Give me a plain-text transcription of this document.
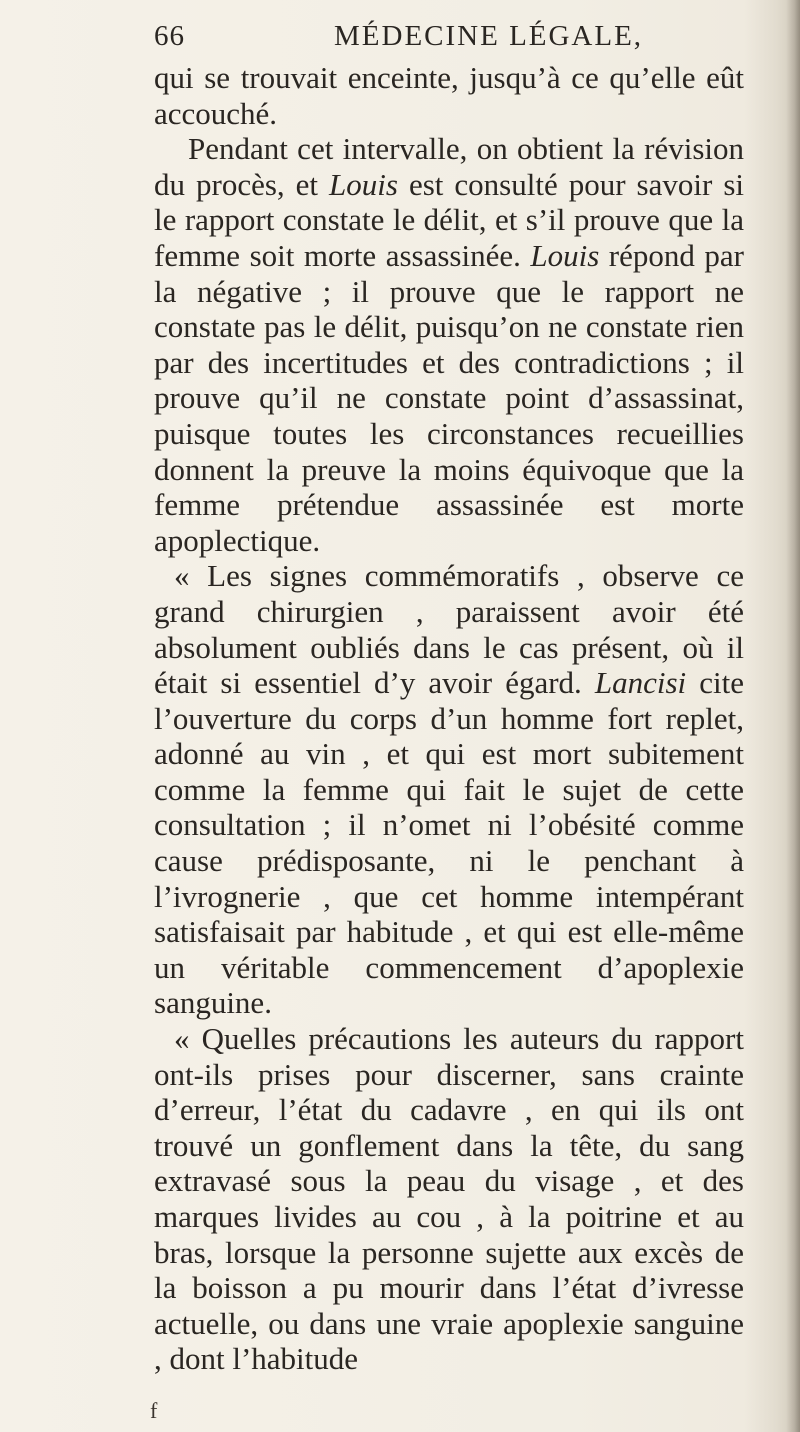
66	MÉDECINE LÉGALE,

qui se trouvait enceinte, jusqu’à ce qu’elle eût accouché.

Pendant cet intervalle, on obtient la révision du procès, et Louis est consulté pour savoir si le rapport constate le délit, et s’il prouve que la femme soit morte assassinée. Louis répond par la négative ; il prouve que le rapport ne constate pas le délit, puisqu’on ne constate rien par des incertitudes et des contradictions ; il prouve qu’il ne constate point d’assassinat, puisque toutes les circonstances recueillies donnent la preuve la moins équivoque que la femme prétendue assassinée est morte apoplectique.

« Les signes commémoratifs , observe ce grand chirurgien , paraissent avoir été absolument oubliés dans le cas présent, où il était si essentiel d’y avoir égard. Lancisi cite l’ouverture du corps d’un homme fort replet, adonné au vin , et qui est mort subitement comme la femme qui fait le sujet de cette consultation ; il n’omet ni l’obésité comme cause prédisposante, ni le penchant à l’ivrognerie , que cet homme intempérant satisfaisait par habitude , et qui est elle-même un véritable commencement d’apoplexie sanguine.

« Quelles précautions les auteurs du rapport ont-ils prises pour discerner, sans crainte d’erreur, l’état du cadavre , en qui ils ont trouvé un gonflement dans la tête, du sang extravasé sous la peau du visage , et des marques livides au cou , à la poitrine et au bras, lorsque la personne sujette aux excès de la boisson a pu mourir dans l’état d’ivresse actuelle, ou dans une vraie apoplexie sanguine , dont l’habitude

f
